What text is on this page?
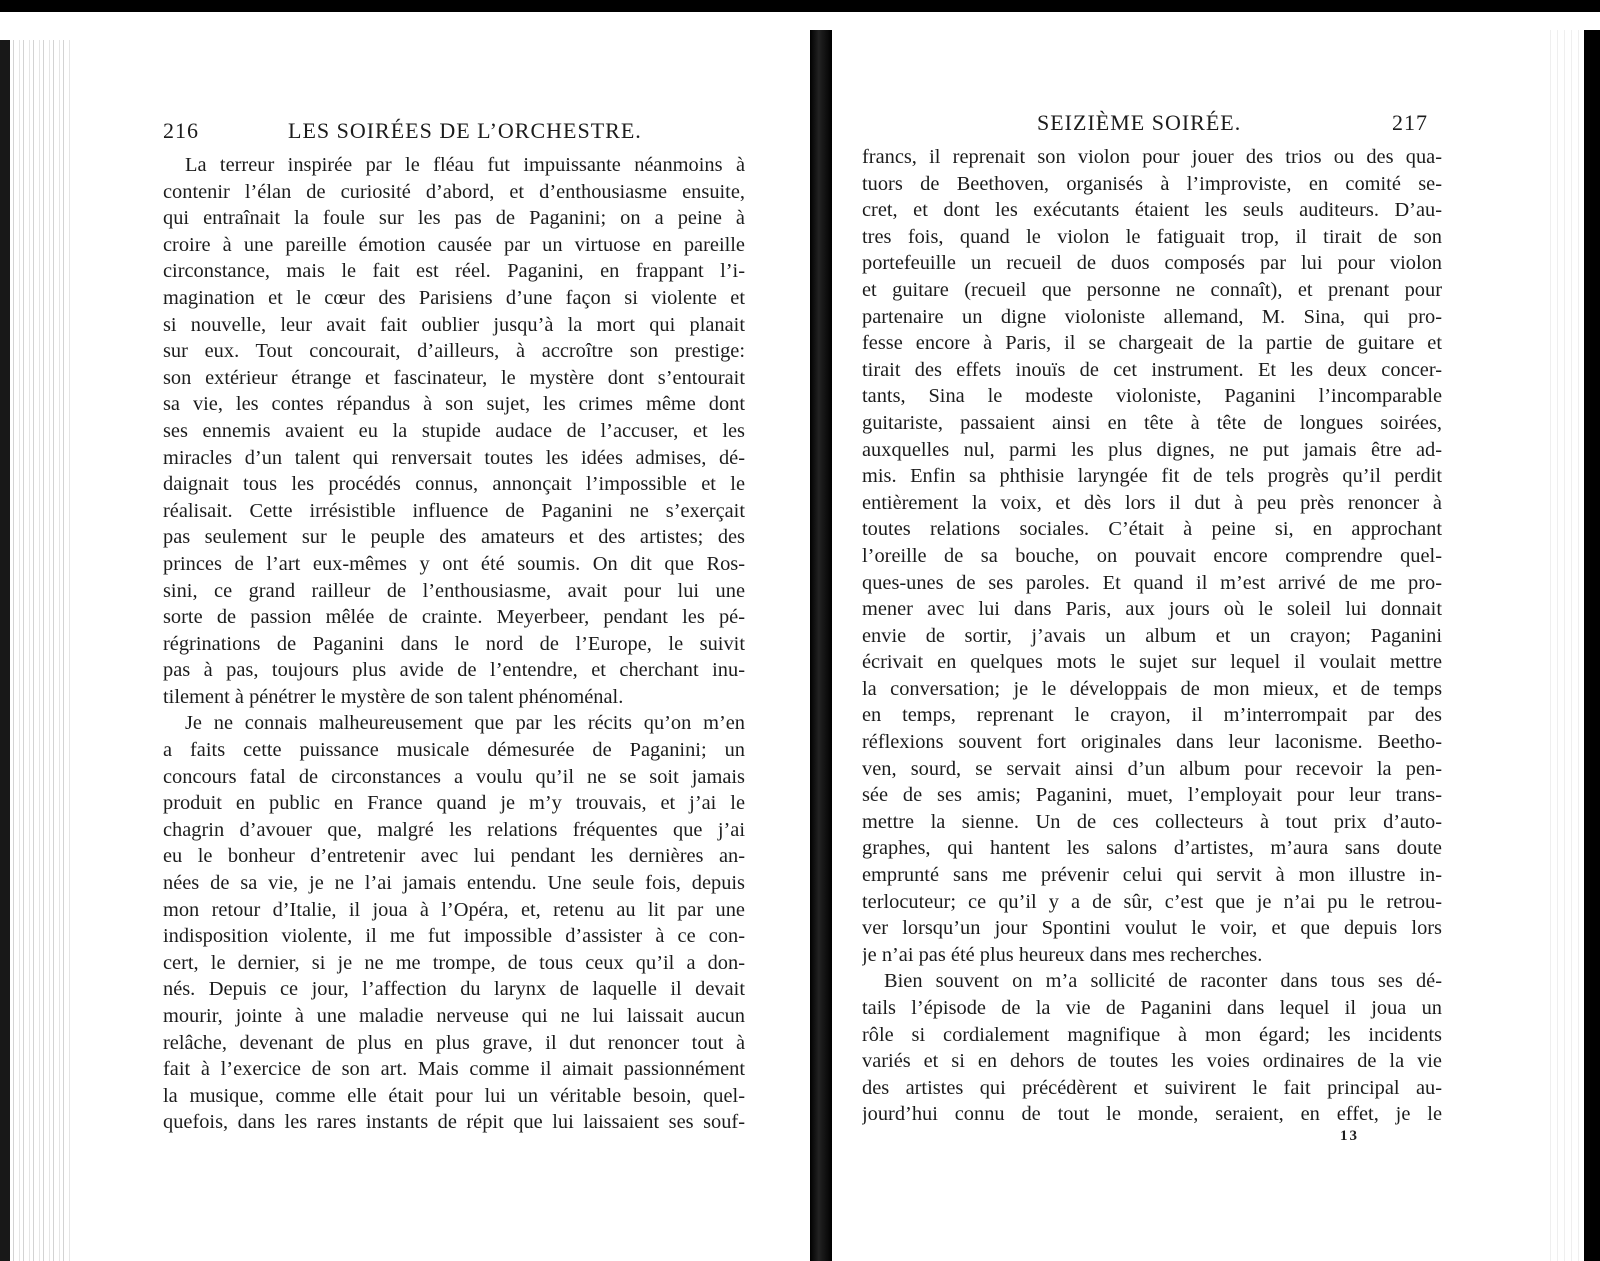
216	LES SOIRÉES DE L’ORCHESTRE.
La terreur inspirée par le fléau fut impuissante néanmoins à
contenir l’élan de curiosité d’abord, et d’enthousiasme ensuite,
qui entraînait la foule sur les pas de Paganini; on a peine à
croire à une pareille émotion causée par un virtuose en pareille
circonstance, mais le fait est réel. Paganini, en frappant l’i-
magination et le cœur des Parisiens d’une façon si violente et
si nouvelle, leur avait fait oublier jusqu’à la mort qui planait
sur eux. Tout concourait, d’ailleurs, à accroître son prestige:
son extérieur étrange et fascinateur, le mystère dont s’entourait
sa vie, les contes répandus à son sujet, les crimes même dont
ses ennemis avaient eu la stupide audace de l’accuser, et les
miracles d’un talent qui renversait toutes les idées admises, dé-
daignait tous les procédés connus, annonçait l’impossible et le
réalisait. Cette irrésistible influence de Paganini ne s’exerçait
pas seulement sur le peuple des amateurs et des artistes; des
princes de l’art eux-mêmes y ont été soumis. On dit que Ros-
sini, ce grand railleur de l’enthousiasme, avait pour lui une
sorte de passion mêlée de crainte. Meyerbeer, pendant les pé-
régrinations de Paganini dans le nord de l’Europe, le suivit
pas à pas, toujours plus avide de l’entendre, et cherchant inu-
tilement à pénétrer le mystère de son talent phénoménal.
Je ne connais malheureusement que par les récits qu’on m’en
a faits cette puissance musicale démesurée de Paganini; un
concours fatal de circonstances a voulu qu’il ne se soit jamais
produit en public en France quand je m’y trouvais, et j’ai le
chagrin d’avouer que, malgré les relations fréquentes que j’ai
eu le bonheur d’entretenir avec lui pendant les dernières an-
nées de sa vie, je ne l’ai jamais entendu. Une seule fois, depuis
mon retour d’Italie, il joua à l’Opéra, et, retenu au lit par une
indisposition violente, il me fut impossible d’assister à ce con-
cert, le dernier, si je ne me trompe, de tous ceux qu’il a don-
nés. Depuis ce jour, l’affection du larynx de laquelle il devait
mourir, jointe à une maladie nerveuse qui ne lui laissait aucun
relâche, devenant de plus en plus grave, il dut renoncer tout à
fait à l’exercice de son art. Mais comme il aimait passionnément
la musique, comme elle était pour lui un véritable besoin, quel-
quefois, dans les rares instants de répit que lui laissaient ses souf-
SEIZIÈME SOIRÉE.	217
francs, il reprenait son violon pour jouer des trios ou des qua-
tuors de Beethoven, organisés à l’improviste, en comité se-
cret, et dont les exécutants étaient les seuls auditeurs. D’au-
tres fois, quand le violon le fatiguait trop, il tirait de son
portefeuille un recueil de duos composés par lui pour violon
et guitare (recueil que personne ne connaît), et prenant pour
partenaire un digne violoniste allemand, M. Sina, qui pro-
fesse encore à Paris, il se chargeait de la partie de guitare et
tirait des effets inouïs de cet instrument. Et les deux concer-
tants, Sina le modeste violoniste, Paganini l’incomparable
guitariste, passaient ainsi en tête à tête de longues soirées,
auxquelles nul, parmi les plus dignes, ne put jamais être ad-
mis. Enfin sa phthisie laryngée fit de tels progrès qu’il perdit
entièrement la voix, et dès lors il dut à peu près renoncer à
toutes relations sociales. C’était à peine si, en approchant
l’oreille de sa bouche, on pouvait encore comprendre quel-
ques-unes de ses paroles. Et quand il m’est arrivé de me pro-
mener avec lui dans Paris, aux jours où le soleil lui donnait
envie de sortir, j’avais un album et un crayon; Paganini
écrivait en quelques mots le sujet sur lequel il voulait mettre
la conversation; je le développais de mon mieux, et de temps
en temps, reprenant le crayon, il m’interrompait par des
réflexions souvent fort originales dans leur laconisme. Beetho-
ven, sourd, se servait ainsi d’un album pour recevoir la pen-
sée de ses amis; Paganini, muet, l’employait pour leur trans-
mettre la sienne. Un de ces collecteurs à tout prix d’auto-
graphes, qui hantent les salons d’artistes, m’aura sans doute
emprunté sans me prévenir celui qui servit à mon illustre in-
terlocuteur; ce qu’il y a de sûr, c’est que je n’ai pu le retrou-
ver lorsqu’un jour Spontini voulut le voir, et que depuis lors
je n’ai pas été plus heureux dans mes recherches.
Bien souvent on m’a sollicité de raconter dans tous ses dé-
tails l’épisode de la vie de Paganini dans lequel il joua un
rôle si cordialement magnifique à mon égard; les incidents
variés et si en dehors de toutes les voies ordinaires de la vie
des artistes qui précédèrent et suivirent le fait principal au-
jourd’hui connu de tout le monde, seraient, en effet, je le
13
